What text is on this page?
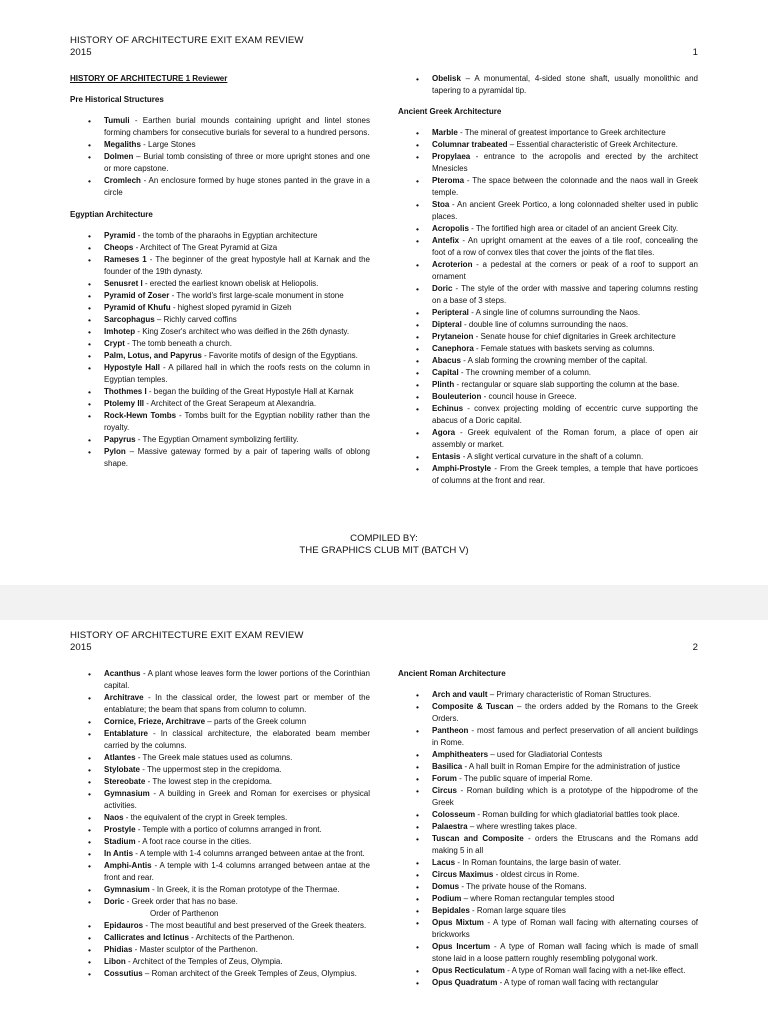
HISTORY OF ARCHITECTURE EXIT EXAM REVIEW
2015	1

HISTORY OF ARCHITECTURE 1 Reviewer

Pre Historical Structures

• Tumuli - Earthen burial mounds containing upright and lintel stones forming chambers for consecutive burials for several to a hundred persons.
• Megaliths - Large Stones
• Dolmen – Burial tomb consisting of three or more upright stones and one or more capstone.
• Cromlech - An enclosure formed by huge stones panted in the grave in a circle

Egyptian Architecture

• Pyramid - the tomb of the pharaohs in Egyptian architecture
• Cheops - Architect of The Great Pyramid at Giza
• Rameses 1 - The beginner of the great hypostyle hall at Karnak and the founder of the 19th dynasty.
• Senusret I - erected the earliest known obelisk at Heliopolis.
• Pyramid of Zoser - The world's first large-scale monument in stone
• Pyramid of Khufu - highest sloped pyramid in Gizeh
• Sarcophagus – Richly carved coffins
• Imhotep - King Zoser's architect who was deified in the 26th dynasty.
• Crypt - The tomb beneath a church.
• Palm, Lotus, and Papyrus - Favorite motifs of design of the Egyptians.
• Hypostyle Hall - A pillared hall in which the roofs rests on the column in Egyptian temples.
• Thothmes I - began the building of the Great Hypostyle Hall at Karnak
• Ptolemy III - Architect of the Great Serapeum at Alexandria.
• Rock-Hewn Tombs - Tombs built for the Egyptian nobility rather than the royalty.
• Papyrus - The Egyptian Ornament symbolizing fertility.
• Pylon – Massive gateway formed by a pair of tapering walls of oblong shape.
• Obelisk – A monumental, 4-sided stone shaft, usually monolithic and tapering to a pyramidal tip.

Ancient Greek Architecture

• Marble - The mineral of greatest importance to Greek architecture
• Columnar trabeated – Essential characteristic of Greek Architecture.
• Propylaea - entrance to the acropolis and erected by the architect Mnesicles
• Pteroma - The space between the colonnade and the naos wall in Greek temple.
• Stoa - An ancient Greek Portico, a long colonnaded shelter used in public places.
• Acropolis - The fortified high area or citadel of an ancient Greek City.
• Antefix - An upright ornament at the eaves of a tile roof, concealing the foot of a row of convex tiles that cover the joints of the flat tiles.
• Acroterion - a pedestal at the corners or peak of a roof to support an ornament
• Doric - The style of the order with massive and tapering columns resting on a base of 3 steps.
• Peripteral - A single line of columns surrounding the Naos.
• Dipteral - double line of columns surrounding the naos.
• Prytaneion - Senate house for chief dignitaries in Greek architecture
• Canephora - Female statues with baskets serving as columns.
• Abacus - A slab forming the crowning member of the capital.
• Capital - The crowning member of a column.
• Plinth - rectangular or square slab supporting the column at the base.
• Bouleuterion - council house in Greece.
• Echinus - convex projecting molding of eccentric curve supporting the abacus of a Doric capital.
• Agora - Greek equivalent of the Roman forum, a place of open air assembly or market.
• Entasis - A slight vertical curvature in the shaft of a column.
• Amphi-Prostyle - From the Greek temples, a temple that have porticoes of columns at the front and rear.
COMPILED BY:
THE GRAPHICS CLUB MIT (BATCH V)
HISTORY OF ARCHITECTURE EXIT EXAM REVIEW
2015	2
• Acanthus - A plant whose leaves form the lower portions of the Corinthian capital.
• Architrave - In the classical order, the lowest part or member of the entablature; the beam that spans from column to column.
• Cornice, Frieze, Architrave – parts of the Greek column
• Entablature - In classical architecture, the elaborated beam member carried by the columns.
• Atlantes - The Greek male statues used as columns.
• Stylobate - The uppermost step in the crepidoma.
• Stereobate - The lowest step in the crepidoma.
• Gymnasium - A building in Greek and Roman for exercises or physical activities.
• Naos - the equivalent of the crypt in Greek temples.
• Prostyle - Temple with a portico of columns arranged in front.
• Stadium - A foot race course in the cities.
• In Antis - A temple with 1-4 columns arranged between antae at the front.
• Amphi-Antis - A temple with 1-4 columns arranged between antae at the front and rear.
• Gymnasium - In Greek, it is the Roman prototype of the Thermae.
• Doric - Greek order that has no base.

Order of Parthenon

• Epidauros - The most beautiful and best preserved of the Greek theaters.
• Callicrates and Ictinus - Architects of the Parthenon.
• Phidias - Master sculptor of the Parthenon.
• Libon - Architect of the Temples of Zeus, Olympia.
• Cossutius – Roman architect of the Greek Temples of Zeus, Olympius.

Ancient Roman Architecture

• Arch and vault – Primary characteristic of Roman Structures.
• Composite & Tuscan – the orders added by the Romans to the Greek Orders.
• Pantheon - most famous and perfect preservation of all ancient buildings in Rome.
• Amphitheaters – used for Gladiatorial Contests
• Basilica - A hall built in Roman Empire for the administration of justice
• Forum - The public square of imperial Rome.
• Circus - Roman building which is a prototype of the hippodrome of the Greek
• Colosseum - Roman building for which gladiatorial battles took place.
• Palaestra – where wrestling takes place.
• Tuscan and Composite - orders the Etruscans and the Romans add making 5 in all
• Lacus - In Roman fountains, the large basin of water.
• Circus Maximus - oldest circus in Rome.
• Domus - The private house of the Romans.
• Podium – where Roman rectangular temples stood
• Bepidales - Roman large square tiles
• Opus Mixtum - A type of Roman wall facing with alternating courses of brickworks
• Opus Incertum - A type of Roman wall facing which is made of small stone laid in a loose pattern roughly resembling polygonal work.
• Opus Recticulatum - A type of Roman wall facing with a net-like effect.
• Opus Quadratum - A type of roman wall facing with rectangular
